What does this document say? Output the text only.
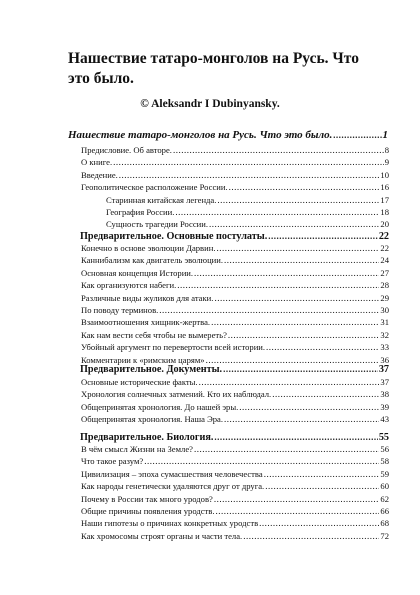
Нашествие татаро-монголов на Русь. Что это было.

© Aleksandr I Dubinyansky.

Нашествие татаро-монголов на Русь. Что это было. .....	1
Предисловие. Об авторе. .....	8
О книге. .....	9
Введение. .....	10
Геополитическое расположение России. .....	16
Старинная китайская легенда. .....	17
География России. .....	18
Сущность трагедии России. .....	20
Предварительное. Основные постулаты. .....	22
Конечно в основе эволюции Дарвин. .....	22
Каннибализм как двигатель эволюции. .....	24
Основная концепция Истории. .....	27
Как организуются набеги. .....	28
Различные виды жуликов для атаки. .....	29
По поводу терминов. .....	30
Взаимоотношения хищник-жертва. .....	31
Как нам вести себя чтобы не вымереть? .....	32
Убойный аргумент по перевертости всей истории. .....	33
Комментарии к «римским царям» .....	36
Предварительное. Документы. .....	37
Основные исторические факты. .....	37
Хронология солнечных затмений. Кто их наблюдал. .....	38
Общепринятая хронология. До нашей эры. .....	39
Общепринятая хронология. Наша Эра. .....	43
Предварительное. Биология. .....	55
В чём смысл Жизни на Земле? .....	56
Что такое разум? .....	58
Цивилизация – эпоха сумасшествия человечества .....	59
Как народы генетически удаляются друг от друга. .....	60
Почему в России так много уродов? .....	62
Общие причины появления уродств. .....	66
Наши гипотезы о причинах конкретных уродств .....	68
Как хромосомы строят органы и части тела. .....	72
